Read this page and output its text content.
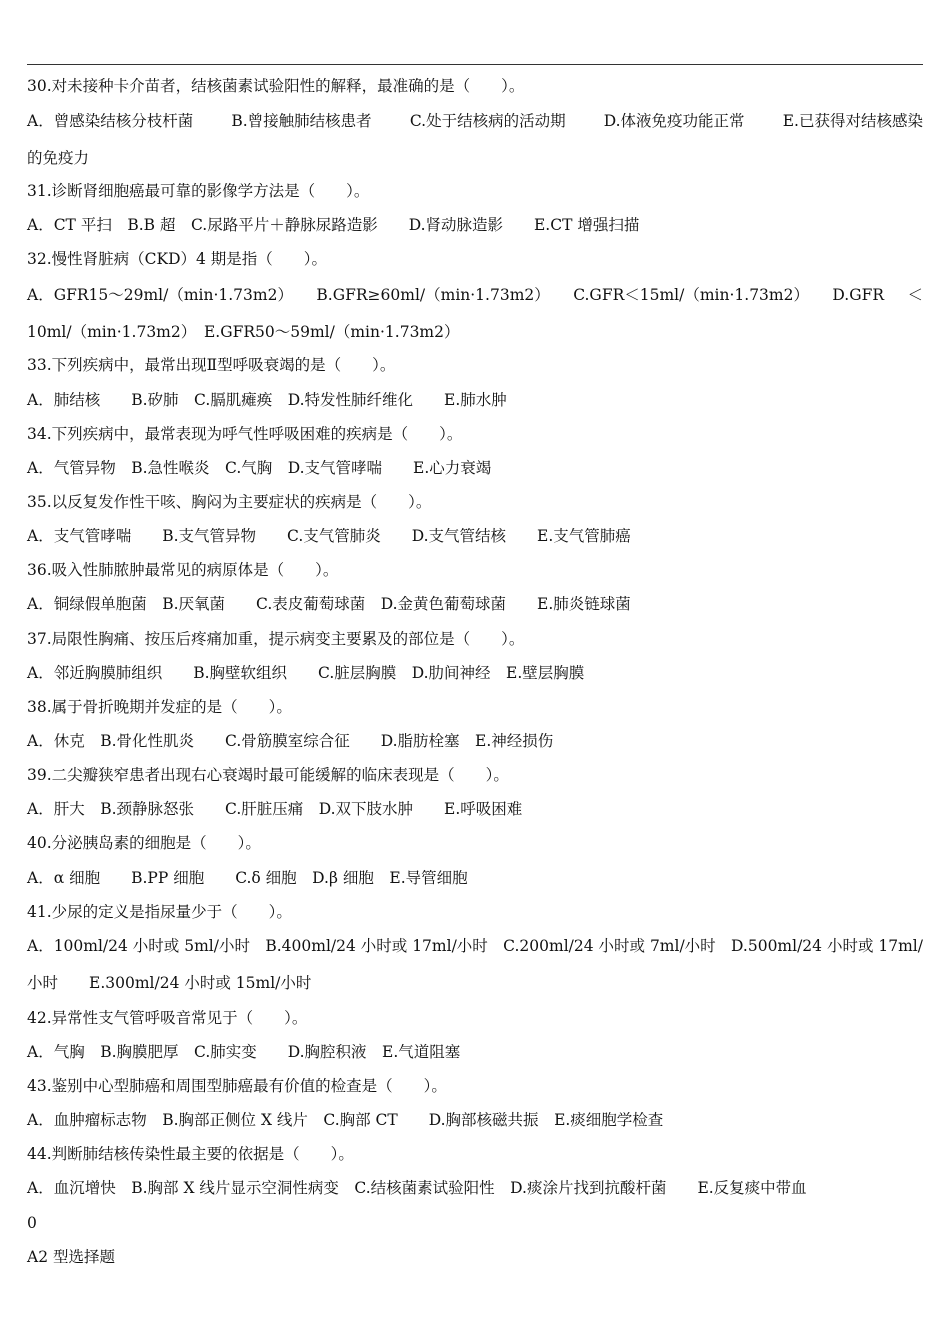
30.对未接种卡介苗者，结核菌素试验阳性的解释，最准确的是（　　）。
A．曾感染结核分枝杆菌 B.曾接触肺结核患者 C.处于结核病的活动期 D.体液免疫功能正常 E.已获得对结核感染
的免疫力
31.诊断肾细胞癌最可靠的影像学方法是（　　）。
A．CT 平扫　B.B 超　C.尿路平片＋静脉尿路造影　　D.肾动脉造影　　E.CT 增强扫描
32.慢性肾脏病（CKD）4 期是指（　　）。
A．GFR15～29ml/（min·1.73m2） B.GFR≥60ml/（min·1.73m2） C.GFR＜15ml/（min·1.73m2） D.GFR ＜
10ml/（min·1.73m2）　E.GFR50～59ml/（min·1.73m2）
33.下列疾病中，最常出现Ⅱ型呼吸衰竭的是（　　）。
A．肺结核　　B.矽肺　C.膈肌瘫痪　D.特发性肺纤维化　　E.肺水肿
34.下列疾病中，最常表现为呼气性呼吸困难的疾病是（　　）。
A．气管异物　B.急性喉炎　C.气胸　D.支气管哮喘　　E.心力衰竭
35.以反复发作性干咳、胸闷为主要症状的疾病是（　　）。
A．支气管哮喘　　B.支气管异物　　C.支气管肺炎　　D.支气管结核　　E.支气管肺癌
36.吸入性肺脓肿最常见的病原体是（　　）。
A．铜绿假单胞菌　B.厌氧菌　　C.表皮葡萄球菌　D.金黄色葡萄球菌　　E.肺炎链球菌
37.局限性胸痛、按压后疼痛加重，提示病变主要累及的部位是（　　）。
A．邻近胸膜肺组织　　B.胸壁软组织　　C.脏层胸膜　D.肋间神经　E.壁层胸膜
38.属于骨折晚期并发症的是（　　）。
A．休克　B.骨化性肌炎　　C.骨筋膜室综合征　　D.脂肪栓塞　E.神经损伤
39.二尖瓣狭窄患者出现右心衰竭时最可能缓解的临床表现是（　　）。
A．肝大　B.颈静脉怒张　　C.肝脏压痛　D.双下肢水肿　　E.呼吸困难
40.分泌胰岛素的细胞是（　　）。
A．α 细胞　　B.PP 细胞　　C.δ 细胞　D.β 细胞　E.导管细胞
41.少尿的定义是指尿量少于（　　）。
A．100ml/24 小时或 5ml/小时 B.400ml/24 小时或 17ml/小时 C.200ml/24 小时或 7ml/小时 D.500ml/24 小时或 17ml/
小时　　E.300ml/24 小时或 15ml/小时
42.异常性支气管呼吸音常见于（　　）。
A．气胸　B.胸膜肥厚　C.肺实变　　D.胸腔积液　E.气道阻塞
43.鉴别中心型肺癌和周围型肺癌最有价值的检查是（　　）。
A．血肿瘤标志物　B.胸部正侧位 X 线片　C.胸部 CT　　D.胸部核磁共振　E.痰细胞学检查
44.判断肺结核传染性最主要的依据是（　　）。
A．血沉增快　B.胸部 X 线片显示空洞性病变　C.结核菌素试验阳性　D.痰涂片找到抗酸杆菌　　E.反复痰中带血
0
A2 型选择题
